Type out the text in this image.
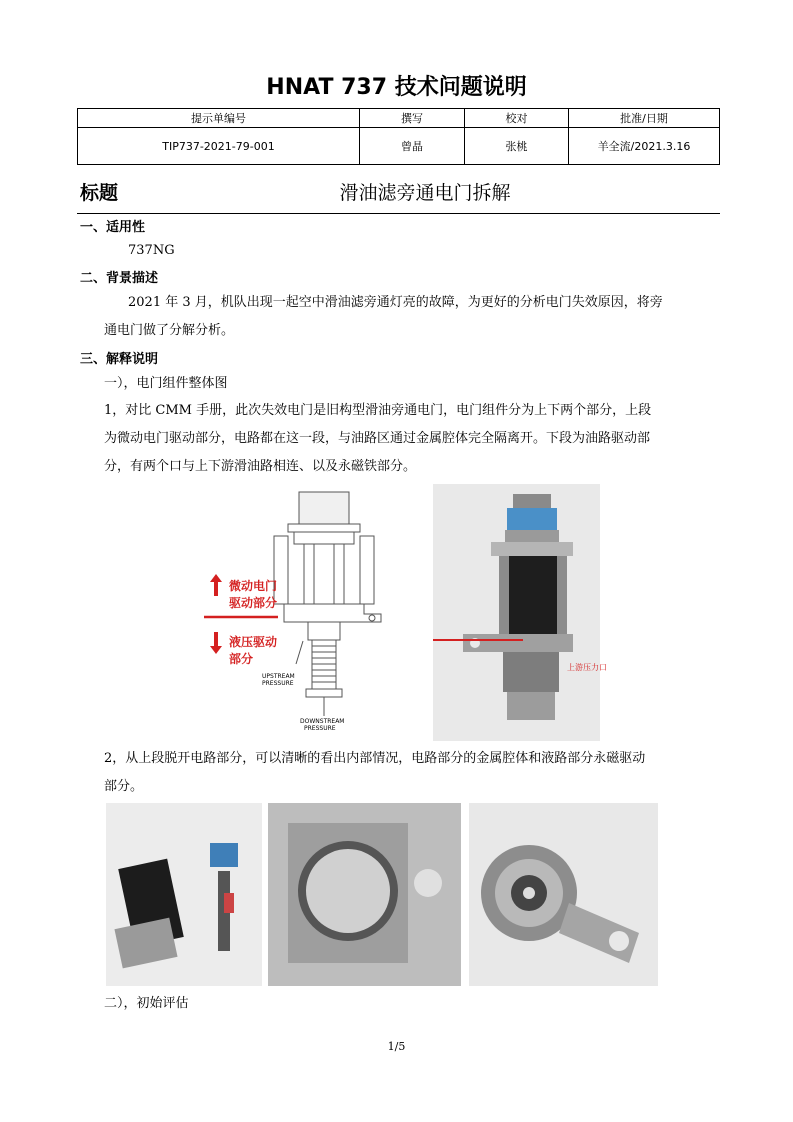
HNAT 737 技术问题说明
提示单编号	撰写	校对	批准/日期
TIP737-2021-79-001	曾晶	张桃	羊全流/2021.3.16
标题	滑油滤旁通电门拆解
一、适用性
737NG
二、背景描述
2021 年 3 月，机队出现一起空中滑油滤旁通灯亮的故障，为更好的分析电门失效原因，将旁
通电门做了分解分析。
三、解释说明
一），电门组件整体图
1，对比 CMM 手册，此次失效电门是旧构型滑油旁通电门，电门组件分为上下两个部分，上段
为微动电门驱动部分，电路都在这一段，与油路区通过金属腔体完全隔离开。下段为油路驱动部
分，有两个口与上下游滑油路相连、以及永磁铁部分。
微动电门
驱动部分
液压驱动
部分
UPSTREAM
PRESSURE
DOWNSTREAM
PRESSURE
上游压力口
2，从上段脱开电路部分，可以清晰的看出内部情况，电路部分的金属腔体和液路部分永磁驱动
部分。
二），初始评估
1/5
